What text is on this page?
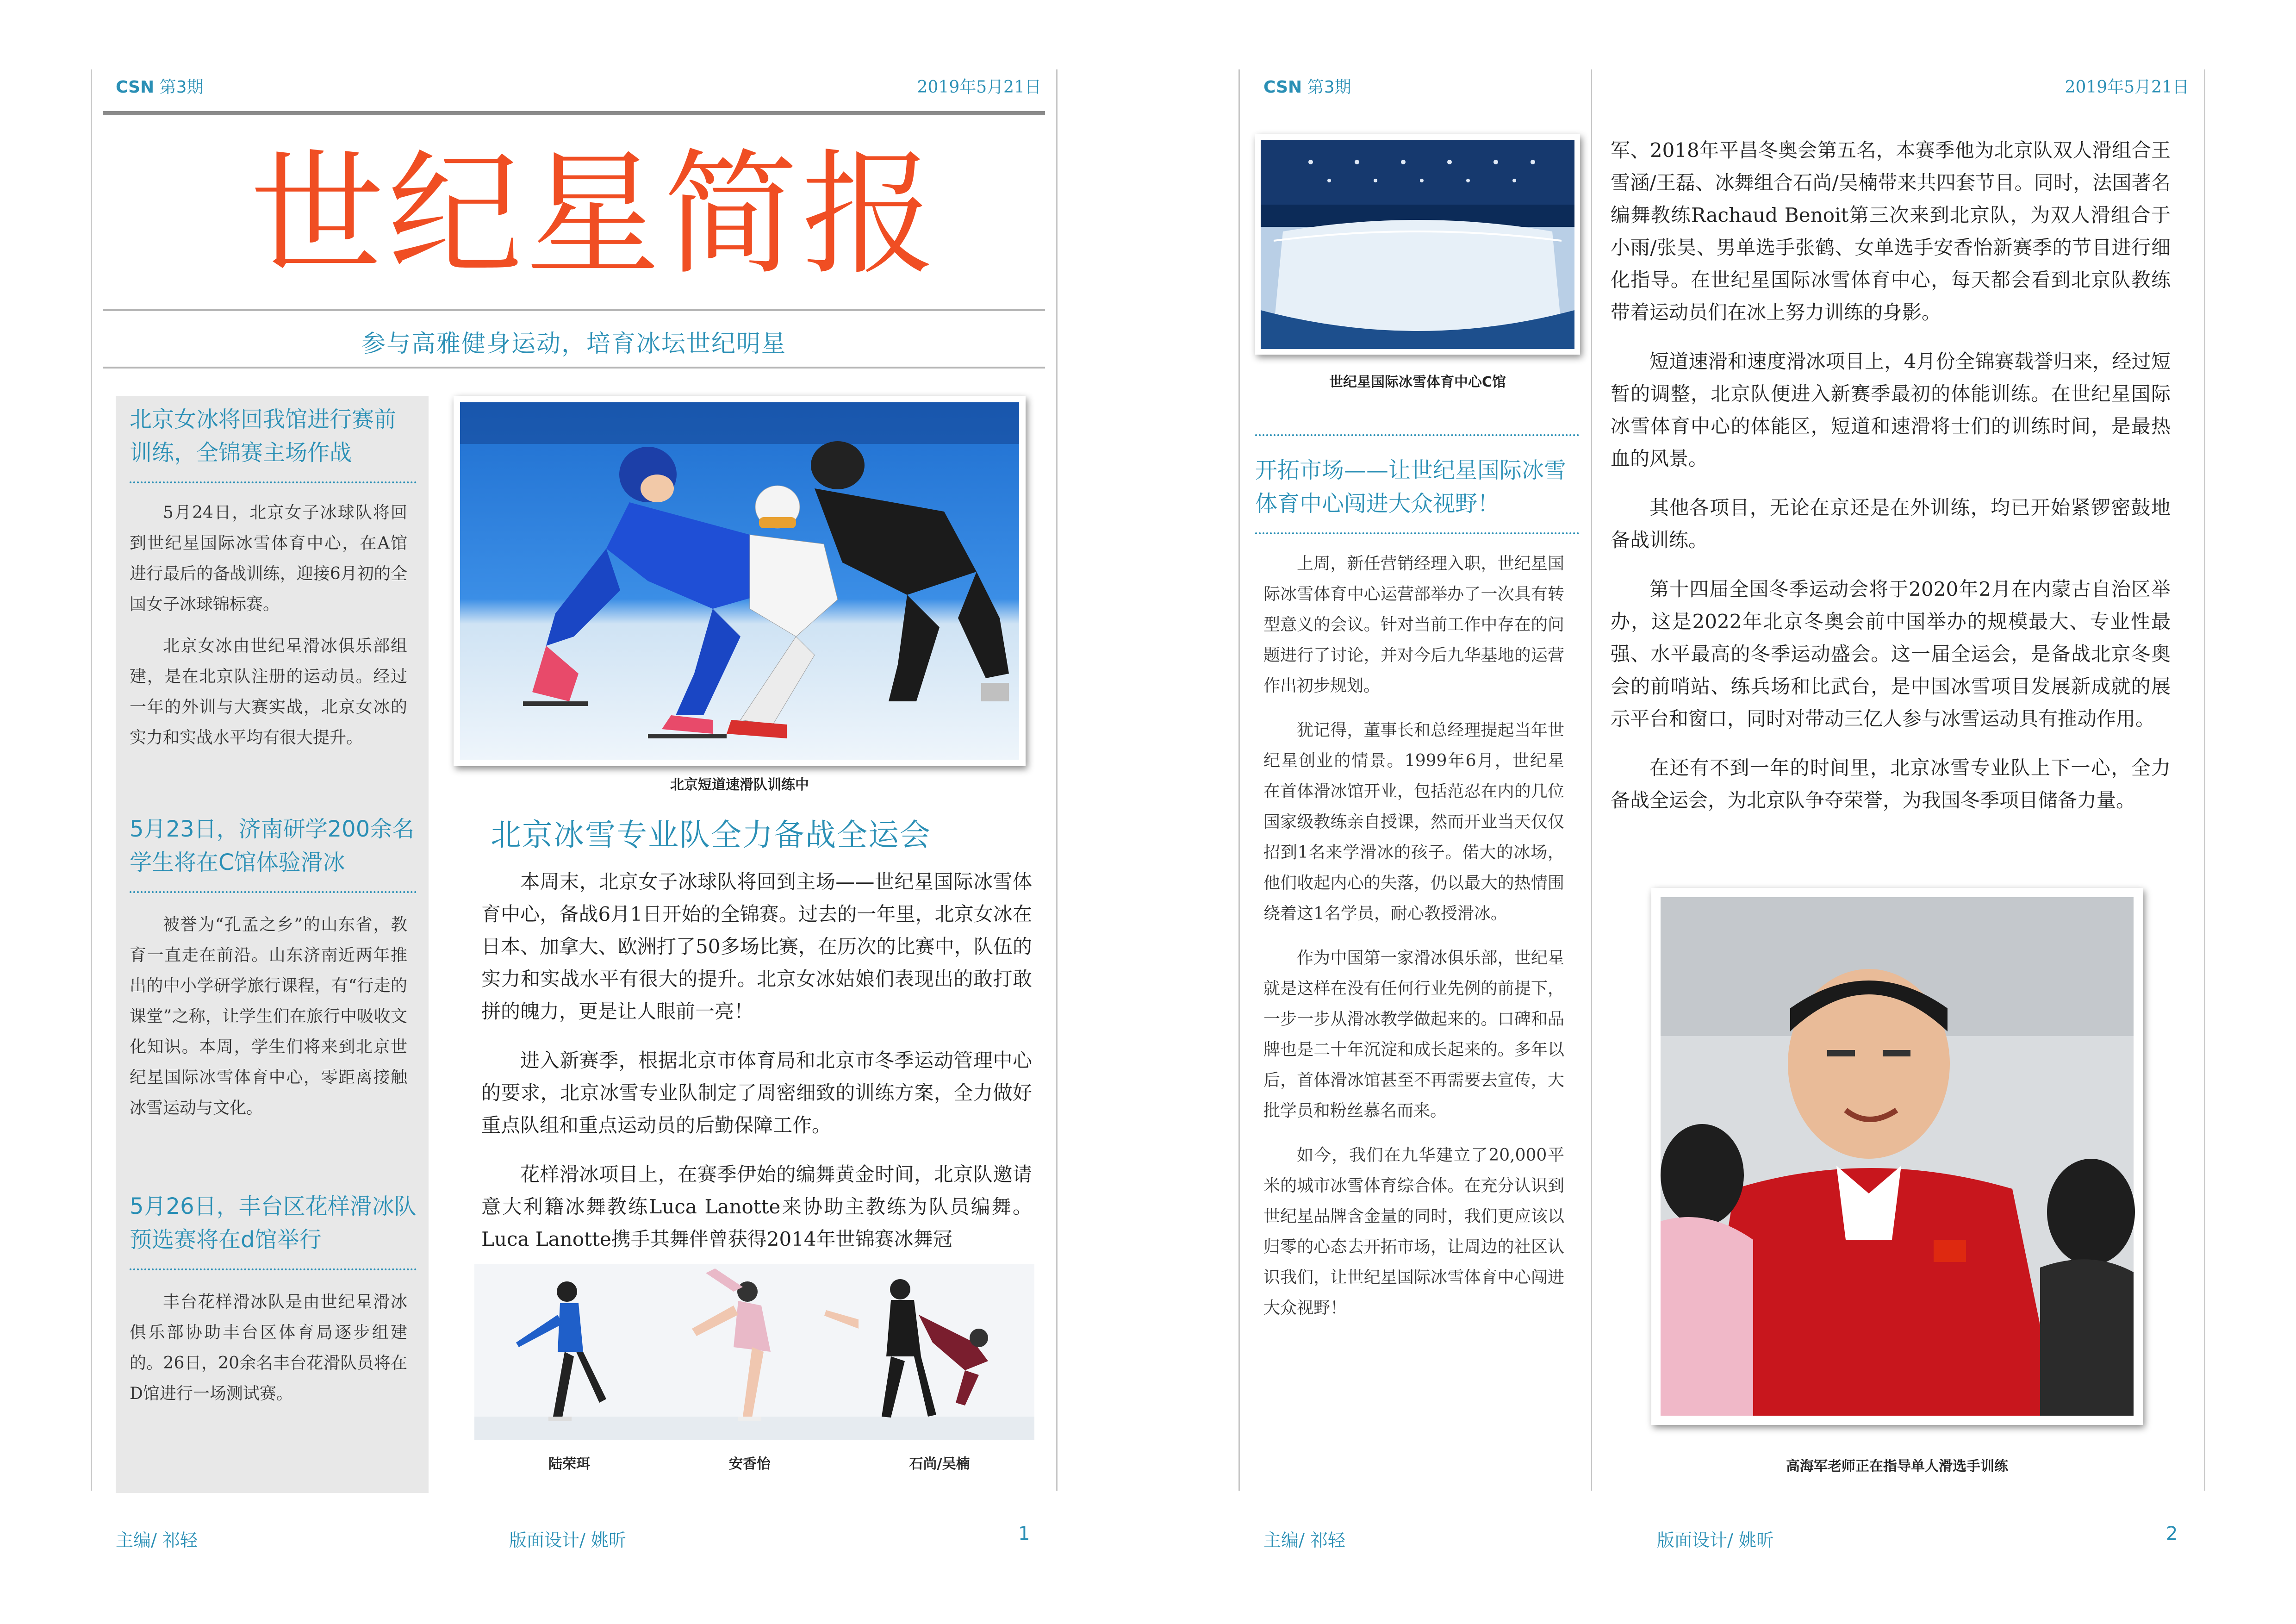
CSN 第3期	2019年5月21日
世纪星简报
参与高雅健身运动，培育冰坛世纪明星
北京女冰将回我馆进行赛前训练，全锦赛主场作战

5月24日，北京女子冰球队将回到世纪星国际冰雪体育中心，在A馆进行最后的备战训练，迎接6月初的全国女子冰球锦标赛。

北京女冰由世纪星滑冰俱乐部组建，是在北京队注册的运动员。经过一年的外训与大赛实战，北京女冰的实力和实战水平均有很大提升。

5月23日，济南研学200余名学生将在C馆体验滑冰

被誉为“孔孟之乡”的山东省，教育一直走在前沿。山东济南近两年推出的中小学研学旅行课程，有“行走的课堂”之称，让学生们在旅行中吸收文化知识。本周，学生们将来到北京世纪星国际冰雪体育中心，零距离接触冰雪运动与文化。

5月26日，丰台区花样滑冰队预选赛将在d馆举行

丰台花样滑冰队是由世纪星滑冰俱乐部协助丰台区体育局逐步组建的。26日，20余名丰台花滑队员将在D馆进行一场测试赛。

北京短道速滑队训练中
北京冰雪专业队全力备战全运会

本周末，北京女子冰球队将回到主场——世纪星国际冰雪体育中心，备战6月1日开始的全锦赛。过去的一年里，北京女冰在日本、加拿大、欧洲打了50多场比赛，在历次的比赛中，队伍的实力和实战水平有很大的提升。北京女冰姑娘们表现出的敢打敢拼的魄力，更是让人眼前一亮！

进入新赛季，根据北京市体育局和北京市冬季运动管理中心的要求，北京冰雪专业队制定了周密细致的训练方案，全力做好重点队组和重点运动员的后勤保障工作。

花样滑冰项目上，在赛季伊始的编舞黄金时间，北京队邀请意大利籍冰舞教练Luca Lanotte来协助主教练为队员编舞。Luca Lanotte携手其舞伴曾获得2014年世锦赛冰舞冠

陆荣珥	安香怡	石尚/吴楠
主编/ 祁轻	版面设计/ 姚昕	1
CSN 第3期	2019年5月21日
世纪星国际冰雪体育中心C馆
开拓市场——让世纪星国际冰雪体育中心闯进大众视野！

上周，新任营销经理入职，世纪星国际冰雪体育中心运营部举办了一次具有转型意义的会议。针对当前工作中存在的问题进行了讨论，并对今后九华基地的运营作出初步规划。

犹记得，董事长和总经理提起当年世纪星创业的情景。1999年6月，世纪星在首体滑冰馆开业，包括范忍在内的几位国家级教练亲自授课，然而开业当天仅仅招到1名来学滑冰的孩子。偌大的冰场，他们收起内心的失落，仍以最大的热情围绕着这1名学员，耐心教授滑冰。

作为中国第一家滑冰俱乐部，世纪星就是这样在没有任何行业先例的前提下，一步一步从滑冰教学做起来的。口碑和品牌也是二十年沉淀和成长起来的。多年以后，首体滑冰馆甚至不再需要去宣传，大批学员和粉丝慕名而来。

如今，我们在九华建立了20,000平米的城市冰雪体育综合体。在充分认识到世纪星品牌含金量的同时，我们更应该以归零的心态去开拓市场，让周边的社区认识我们，让世纪星国际冰雪体育中心闯进大众视野！

军、2018年平昌冬奥会第五名，本赛季他为北京队双人滑组合王雪涵/王磊、冰舞组合石尚/吴楠带来共四套节目。同时，法国著名编舞教练Rachaud Benoit第三次来到北京队，为双人滑组合于小雨/张昊、男单选手张鹤、女单选手安香怡新赛季的节目进行细化指导。在世纪星国际冰雪体育中心，每天都会看到北京队教练带着运动员们在冰上努力训练的身影。

短道速滑和速度滑冰项目上，4月份全锦赛载誉归来，经过短暂的调整，北京队便进入新赛季最初的体能训练。在世纪星国际冰雪体育中心的体能区，短道和速滑将士们的训练时间，是最热血的风景。

其他各项目，无论在京还是在外训练，均已开始紧锣密鼓地备战训练。

第十四届全国冬季运动会将于2020年2月在内蒙古自治区举办，这是2022年北京冬奥会前中国举办的规模最大、专业性最强、水平最高的冬季运动盛会。这一届全运会，是备战北京冬奥会的前哨站、练兵场和比武台，是中国冰雪项目发展新成就的展示平台和窗口，同时对带动三亿人参与冰雪运动具有推动作用。

在还有不到一年的时间里，北京冰雪专业队上下一心，全力备战全运会，为北京队争夺荣誉，为我国冬季项目储备力量。

高海军老师正在指导单人滑选手训练
主编/ 祁轻	版面设计/ 姚昕	2
